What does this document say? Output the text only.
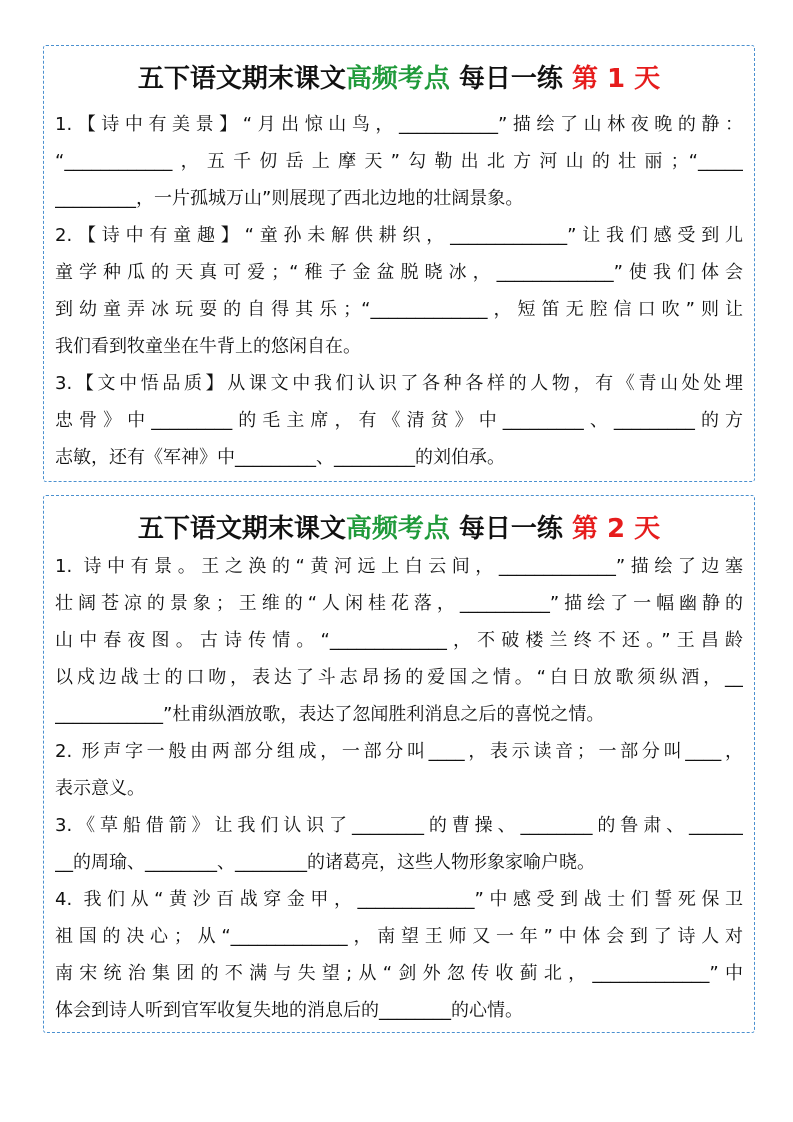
五下语文期末课文高频考点 每日一练 第 1 天
1.【诗中有美景】“月出惊山鸟，___________”描绘了山林夜晚的静：
“____________，五千仞岳上摩天”勾勒出北方河山的壮丽；“_____
_________，一片孤城万山”则展现了西北边地的壮阔景象。
2.【诗中有童趣】“童孙未解供耕织，_____________”让我们感受到儿
童学种瓜的天真可爱；“稚子金盆脱晓冰，_____________”使我们体会
到幼童弄冰玩耍的自得其乐；“_____________，短笛无腔信口吹”则让
我们看到牧童坐在牛背上的悠闲自在。
3.【文中悟品质】从课文中我们认识了各种各样的人物，有《青山处处埋
忠骨》中_________的毛主席，有《清贫》中_________、_________的方
志敏，还有《军神》中_________、_________的刘伯承。
五下语文期末课文高频考点 每日一练 第 2 天
1. 诗中有景。王之涣的“黄河远上白云间，_____________”描绘了边塞
壮阔苍凉的景象；王维的“人闲桂花落，__________”描绘了一幅幽静的
山中春夜图。古诗传情。“_____________，不破楼兰终不还。”王昌龄
以戍边战士的口吻，表达了斗志昂扬的爱国之情。“白日放歌须纵酒，__
____________”杜甫纵酒放歌，表达了忽闻胜利消息之后的喜悦之情。
2. 形声字一般由两部分组成，一部分叫____，表示读音；一部分叫____，
表示意义。
3.《草船借箭》让我们认识了________的曹操、________的鲁肃、______
__的周瑜、________、________的诸葛亮，这些人物形象家喻户晓。
4. 我们从“黄沙百战穿金甲，_____________”中感受到战士们誓死保卫
祖国的决心；从“_____________，南望王师又一年”中体会到了诗人对
南宋统治集团的不满与失望;从“剑外忽传收蓟北，_____________”中
体会到诗人听到官军收复失地的消息后的________的心情。
